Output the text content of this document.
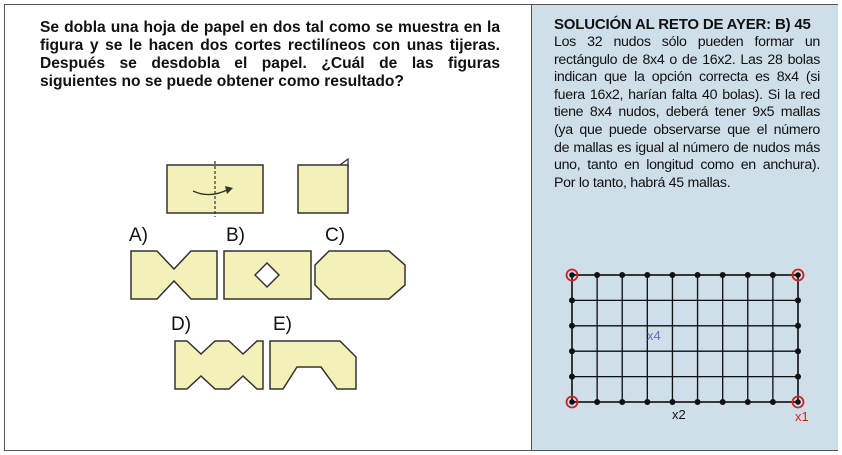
Se dobla una hoja de papel en dos tal como se muestra en la figura y se le hacen dos cortes rectilíneos con unas tijeras. Después se desdobla el papel. ¿Cuál de las figuras siguientes no se puede obtener como resultado?

A)	B)	C)
D)	E)
SOLUCIÓN AL RETO DE AYER: B) 45

Los 32 nudos sólo pueden formar un rectángulo de 8x4 o de 16x2. Las 28 bolas indican que la opción correcta es 8x4 (si fuera 16x2, harían falta 40 bolas). Si la red tiene 8x4 nudos, deberá tener 9x5 mallas (ya que puede observarse que el número de mallas es igual al número de nudos más uno, tanto en longitud como en anchura). Por lo tanto, habrá 45 mallas.

x4
x2	x1
